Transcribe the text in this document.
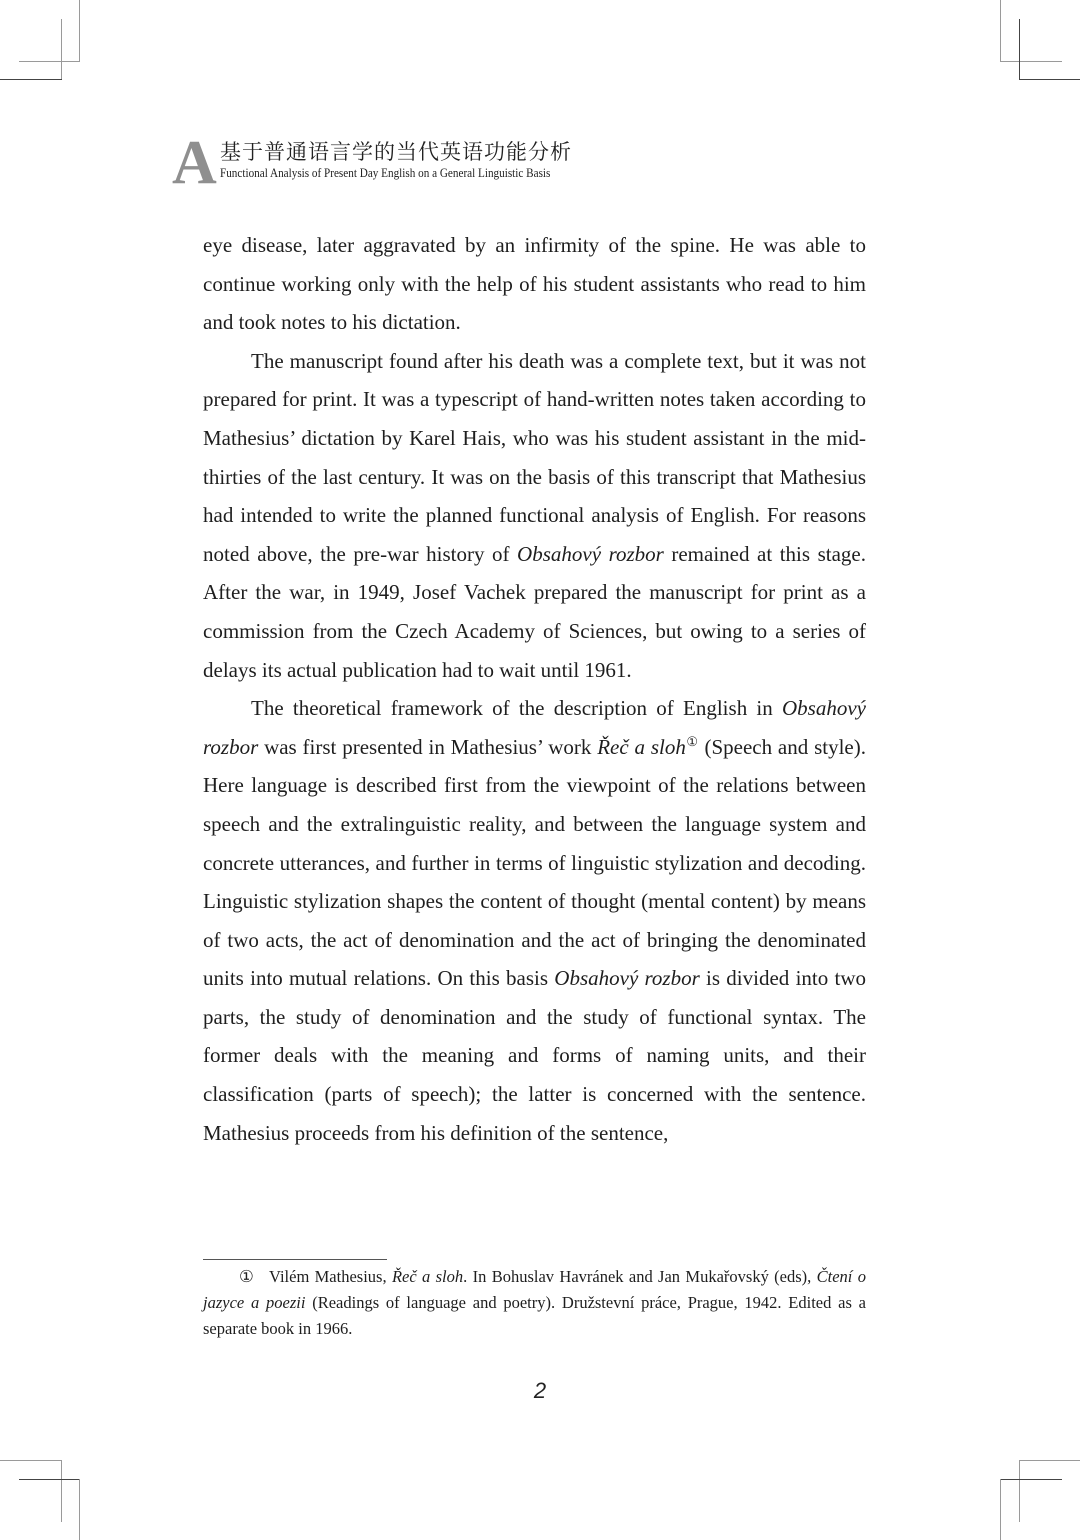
A 基于普通语言学的当代英语功能分析
Functional Analysis of Present Day English on a General Linguistic Basis

eye disease, later aggravated by an infirmity of the spine. He was able to continue working only with the help of his student assistants who read to him and took notes to his dictation.

The manuscript found after his death was a complete text, but it was not prepared for print. It was a typescript of hand-written notes taken according to Mathesius’ dictation by Karel Hais, who was his student assistant in the mid-thirties of the last century. It was on the basis of this transcript that Mathesius had intended to write the planned functional analysis of English. For reasons noted above, the pre-war history of Obsahový rozbor remained at this stage. After the war, in 1949, Josef Vachek prepared the manuscript for print as a commission from the Czech Academy of Sciences, but owing to a series of delays its actual publication had to wait until 1961.

The theoretical framework of the description of English in Obsahový rozbor was first presented in Mathesius’ work Řeč a sloh① (Speech and style). Here language is described first from the viewpoint of the relations between speech and the extralinguistic reality, and between the language system and concrete utterances, and further in terms of linguistic stylization and decoding. Linguistic stylization shapes the content of thought (mental content) by means of two acts, the act of denomination and the act of bringing the denominated units into mutual relations. On this basis Obsahový rozbor is divided into two parts, the study of denomination and the study of functional syntax. The former deals with the meaning and forms of naming units, and their classification (parts of speech); the latter is concerned with the sentence. Mathesius proceeds from his definition of the sentence,

① Vilém Mathesius, Řeč a sloh. In Bohuslav Havránek and Jan Mukařovský (eds), Čtení o jazyce a poezii (Readings of language and poetry). Družstevní práce, Prague, 1942. Edited as a separate book in 1966.

2
